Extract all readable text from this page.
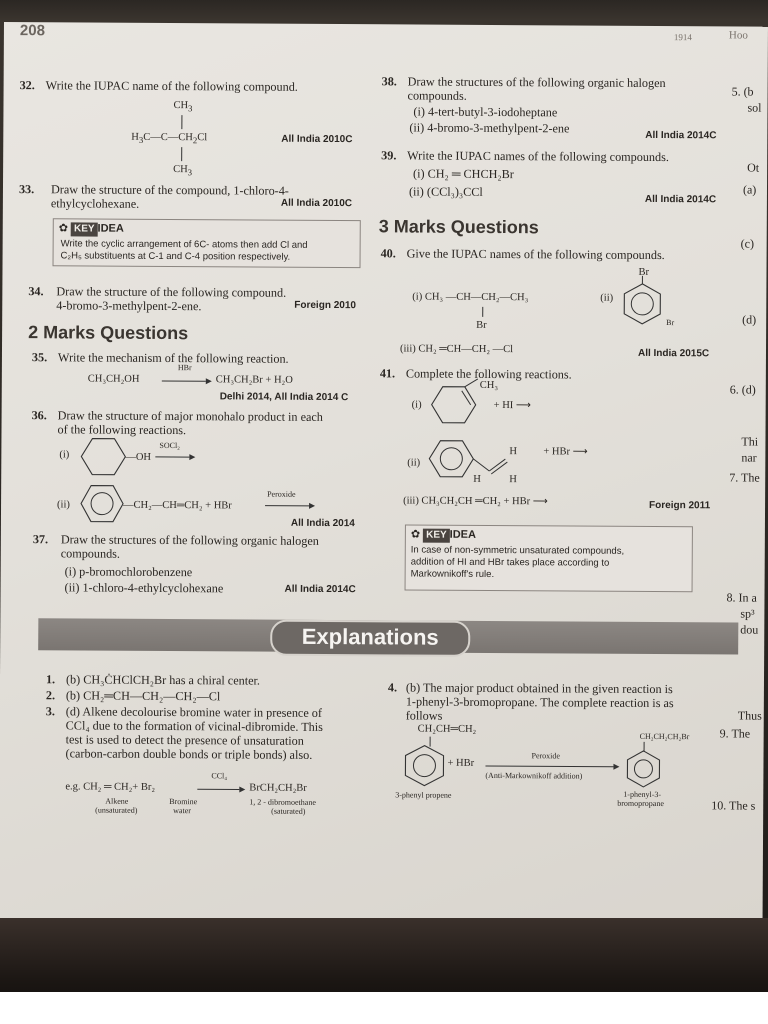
208	1914	Hoo
32. Write the IUPAC name of the following compound.
$CH_3$
$H_3C—C—CH_2Cl$
$CH_3$
All India 2010C
33. Draw the structure of the compound, 1-chloro-4-
ethylcyclohexane.	All India 2010C
✿ KEY IDEA
Write the cyclic arrangement of 6C- atoms then add Cl and
C₂H₅ substituents at C-1 and C-4 position respectively.
34. Draw the structure of the following compound.
4-bromo-3-methylpent-2-ene.	Foreign 2010
2 Marks Questions
35. Write the mechanism of the following reaction.
CH₃CH₂OH
HBr
CH₃CH₂Br + H₂O
Delhi 2014, All India 2014 C
36. Draw the structure of major monohalo product in each
of the following reactions.
(i)	—OH
SOCl₂
(ii)	—CH₂—CH═CH₂ + HBr
Peroxide
All India 2014
37. Draw the structures of the following organic halogen
compounds.
(i) p-bromochlorobenzene
(ii) 1-chloro-4-ethylcyclohexane	All India 2014C
38. Draw the structures of the following organic halogen
compounds.
(i) 4-tert-butyl-3-iodoheptane
(ii) 4-bromo-3-methylpent-2-ene
All India 2014C
39. Write the IUPAC names of the following compounds.
(i) CH₂ ═ CHCH₂Br
(ii) (CCl₃)₃CCl
All India 2014C
3 Marks Questions
40. Give the IUPAC names of the following compounds.
(i) CH₃ —CH—CH₂—CH₃
Br
(ii)
Br
Br
(iii) CH₂ ═CH—CH₂ —Cl	All India 2015C
41. Complete the following reactions.
(i)
CH₃
+ HI ⟶
(ii)
H	+ HBr ⟶
H	H
(iii) CH₃CH₂CH ═CH₂ + HBr ⟶	Foreign 2011
✿ KEY IDEA
In case of non-symmetric unsaturated compounds,
addition of HI and HBr takes place according to
Markownikoff's rule.
5. (b
sol
Ot
(a)
(c)
(d)
6. (d)
Thi
nar
7. The
8. In a
sp³
dou
Thus
9. The
10. The s
Explanations
1. (b) CH₃ĊHClCH₂Br has a chiral center.
2. (b) CH₂═CH—CH₂—CH₂—Cl
3. (d) Alkene decolourise bromine water in presence of
CCl₄ due to the formation of vicinal-dibromide. This
test is used to detect the presence of unsaturation
(carbon-carbon double bonds or triple bonds) also.
e.g. CH₂ ═ CH₂+ Br₂
CCl₄
BrCH₂CH₂Br
Alkene
(unsaturated)
Bromine
water
1, 2 - dibromoethane
(saturated)
4. (b) The major product obtained in the given reaction is
1-phenyl-3-bromopropane. The complete reaction is as
follows
CH₂CH═CH₂
+ HBr
Peroxide
(Anti-Markownikoff addition)
CH₂CH₂CH₂Br
3-phenyl propene	1-phenyl-3-
bromopropane
